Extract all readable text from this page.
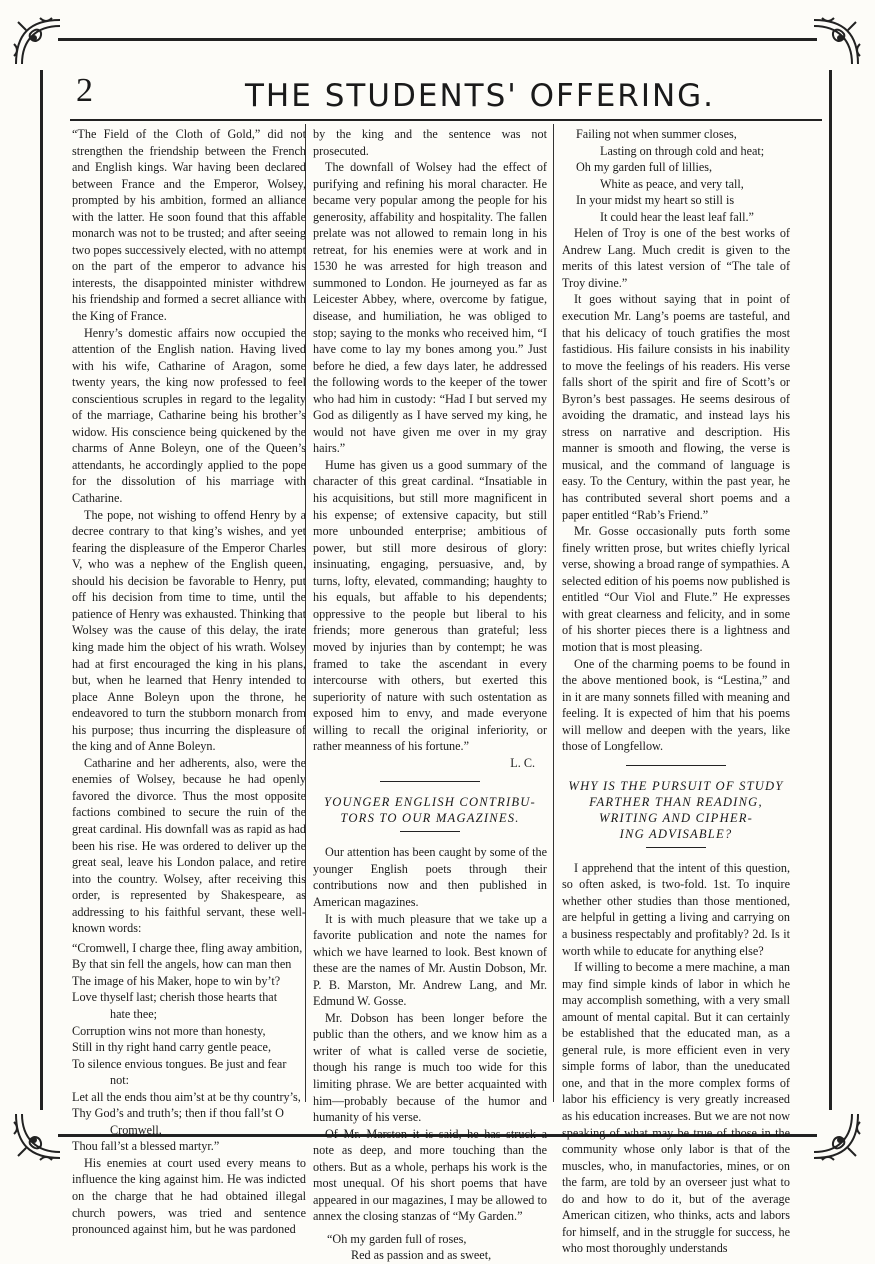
2	THE STUDENTS' OFFERING.

“The Field of the Cloth of Gold,” did not strengthen the friendship between the French and English kings. War having been declared between France and the Emperor, Wolsey, prompted by his ambition, formed an alliance with the latter. He soon found that this affable monarch was not to be trusted; and after seeing two popes successively elected, with no attempt on the part of the emperor to advance his interests, the disappointed minister withdrew his friendship and formed a secret alliance with the King of France.

Henry’s domestic affairs now occupied the attention of the English nation. Having lived with his wife, Catharine of Aragon, some twenty years, the king now professed to feel conscientious scruples in regard to the legality of the marriage, Catharine being his brother’s widow. His conscience being quickened by the charms of Anne Boleyn, one of the Queen’s attendants, he accordingly applied to the pope for the dissolution of his marriage with Catharine.

The pope, not wishing to offend Henry by a decree contrary to that king’s wishes, and yet fearing the displeasure of the Emperor Charles V, who was a nephew of the English queen, should his decision be favorable to Henry, put off his decision from time to time, until the patience of Henry was exhausted. Thinking that Wolsey was the cause of this delay, the irate king made him the object of his wrath. Wolsey had at first encouraged the king in his plans, but, when he learned that Henry intended to place Anne Boleyn upon the throne, he endeavored to turn the stubborn monarch from his purpose; thus incurring the displeasure of the king and of Anne Boleyn.

Catharine and her adherents, also, were the enemies of Wolsey, because he had openly favored the divorce. Thus the most opposite factions combined to secure the ruin of the great cardinal. His downfall was as rapid as had been his rise. He was ordered to deliver up the great seal, leave his London palace, and retire into the country. Wolsey, after receiving this order, is represented by Shakespeare, as addressing to his faithful servant, these well-known words:

“Cromwell, I charge thee, fling away ambition,
By that sin fell the angels, how can man then
The image of his Maker, hope to win by’t?
Love thyself last; cherish those hearts that
hate thee;
Corruption wins not more than honesty,
Still in thy right hand carry gentle peace,
To silence envious tongues. Be just and fear
not:
Let all the ends thou aim’st at be thy country’s,
Thy God’s and truth’s; then if thou fall’st O
Cromwell,
Thou fall’st a blessed martyr.”

His enemies at court used every means to influence the king against him. He was indicted on the charge that he had obtained illegal church powers, was tried and sentence pronounced against him, but he was pardoned

by the king and the sentence was not prosecuted.

The downfall of Wolsey had the effect of purifying and refining his moral character. He became very popular among the people for his generosity, affability and hospitality. The fallen prelate was not allowed to remain long in his retreat, for his enemies were at work and in 1530 he was arrested for high treason and summoned to London. He journeyed as far as Leicester Abbey, where, overcome by fatigue, disease, and humiliation, he was obliged to stop; saying to the monks who received him, “I have come to lay my bones among you.” Just before he died, a few days later, he addressed the following words to the keeper of the tower who had him in custody: “Had I but served my God as diligently as I have served my king, he would not have given me over in my gray hairs.”

Hume has given us a good summary of the character of this great cardinal. “Insatiable in his acquisitions, but still more magnificent in his expense; of extensive capacity, but still more unbounded enterprise; ambitious of power, but still more desirous of glory: insinuating, engaging, persuasive, and, by turns, lofty, elevated, commanding; haughty to his equals, but affable to his dependents; oppressive to the people but liberal to his friends; more generous than grateful; less moved by injuries than by contempt; he was framed to take the ascendant in every intercourse with others, but exerted this superiority of nature with such ostentation as exposed him to envy, and made everyone willing to recall the original inferiority, or rather meanness of his fortune.”

L. C.
YOUNGER ENGLISH CONTRIBU-
TORS TO OUR MAGAZINES.

Our attention has been caught by some of the younger English poets through their contributions now and then published in American magazines.

It is with much pleasure that we take up a favorite publication and note the names for which we have learned to look. Best known of these are the names of Mr. Austin Dobson, Mr. P. B. Marston, Mr. Andrew Lang, and Mr. Edmund W. Gosse.

Mr. Dobson has been longer before the public than the others, and we know him as a writer of what is called verse de societie, though his range is much too wide for this limiting phrase. We are better acquainted with him—probably because of the humor and humanity of his verse.

Of Mr. Marston it is said, he has struck a note as deep, and more touching than the others. But as a whole, perhaps his work is the most unequal. Of his short poems that have appeared in our magazines, I may be allowed to annex the closing stanzas of “My Garden.”

“Oh my garden full of roses,
Red as passion and as sweet,
Failing not when summer closes,
Lasting on through cold and heat;
Oh my garden full of lillies,
White as peace, and very tall,
In your midst my heart so still is
It could hear the least leaf fall.”

Helen of Troy is one of the best works of Andrew Lang. Much credit is given to the merits of this latest version of “The tale of Troy divine.”

It goes without saying that in point of execution Mr. Lang’s poems are tasteful, and that his delicacy of touch gratifies the most fastidious. His failure consists in his inability to move the feelings of his readers. His verse falls short of the spirit and fire of Scott’s or Byron’s best passages. He seems desirous of avoiding the dramatic, and instead lays his stress on narrative and description. His manner is smooth and flowing, the verse is musical, and the command of language is easy. To the Century, within the past year, he has contributed several short poems and a paper entitled “Rab’s Friend.”

Mr. Gosse occasionally puts forth some finely written prose, but writes chiefly lyrical verse, showing a broad range of sympathies. A selected edition of his poems now published is entitled “Our Viol and Flute.” He expresses with great clearness and felicity, and in some of his shorter pieces there is a lightness and motion that is most pleasing.

One of the charming poems to be found in the above mentioned book, is “Lestina,” and in it are many sonnets filled with meaning and feeling. It is expected of him that his poems will mellow and deepen with the years, like those of Longfellow.

WHY IS THE PURSUIT OF STUDY
FARTHER THAN READING,
WRITING AND CIPHER-
ING ADVISABLE?

I apprehend that the intent of this question, so often asked, is two-fold. 1st. To inquire whether other studies than those mentioned, are helpful in getting a living and carrying on a business respectably and profitably? 2d. Is it worth while to educate for anything else?

If willing to become a mere machine, a man may find simple kinds of labor in which he may accomplish something, with a very small amount of mental capital. But it can certainly be established that the educated man, as a general rule, is more efficient even in very simple forms of labor, than the uneducated one, and that in the more complex forms of labor his efficiency is very greatly increased as his education increases. But we are not now speaking of what may be true of those in the community whose only labor is that of the muscles, who, in manufactories, mines, or on the farm, are told by an overseer just what to do and how to do it, but of the average American citizen, who thinks, acts and labors for himself, and in the struggle for success, he who most thoroughly understands
